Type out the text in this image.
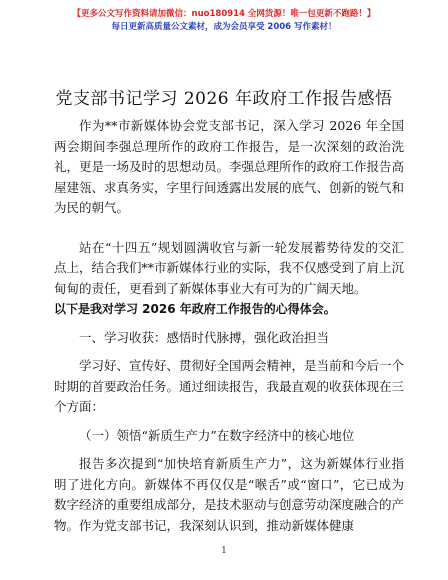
【更多公文写作资料请加微信：nuo180914 全网货源！唯一包更新不跑路！】
每日更新高质量公文素材，成为会员享受 2006 写作素材！
党支部书记学习 2026 年政府工作报告感悟

作为**市新媒体协会党支部书记，深入学习 2026 年全国两会期间李强总理所作的政府工作报告，是一次深刻的政治洗礼，更是一场及时的思想动员。李强总理所作的政府工作报告高屋建瓴、求真务实，字里行间透露出发展的底气、创新的锐气和为民的朝气。

站在“十四五”规划圆满收官与新一轮发展蓄势待发的交汇点上，结合我们**市新媒体行业的实际，我不仅感受到了肩上沉甸甸的责任，更看到了新媒体事业大有可为的广阔天地。

以下是我对学习 2026 年政府工作报告的心得体会。

一、学习收获：感悟时代脉搏，强化政治担当

学习好、宣传好、贯彻好全国两会精神，是当前和今后一个时期的首要政治任务。通过细读报告，我最直观的收获体现在三个方面：

（一）领悟“新质生产力”在数字经济中的核心地位

报告多次提到“加快培育新质生产力”，这为新媒体行业指明了进化方向。新媒体不再仅仅是“喉舌”或“窗口”，它已成为数字经济的重要组成部分，是技术驱动与创意劳动深度融合的产物。作为党支部书记，我深刻认识到，推动新媒体健康

1
